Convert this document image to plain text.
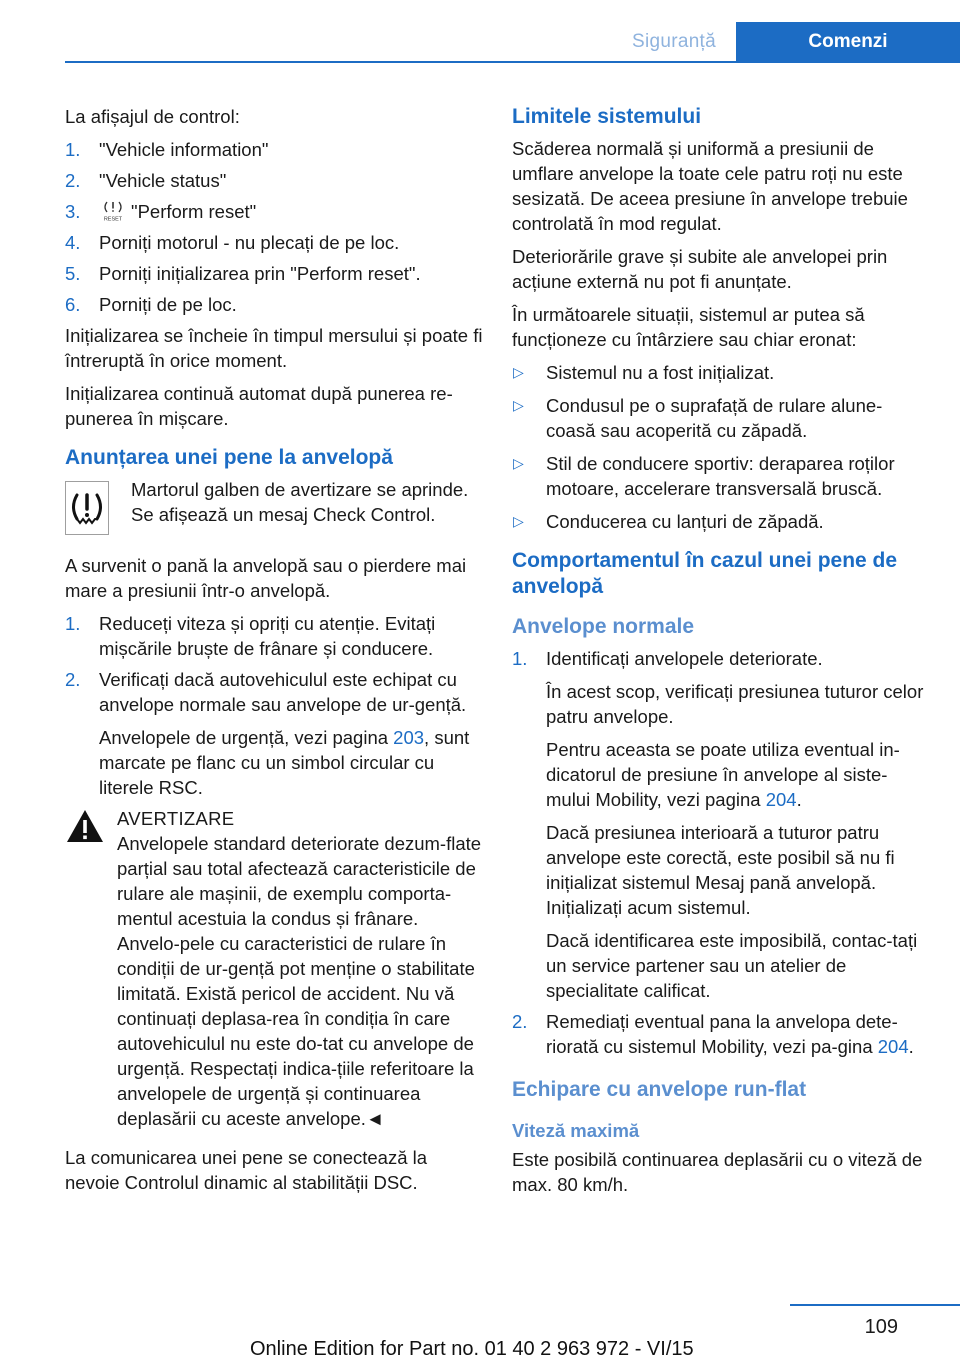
Siguranță	Comenzi

La afișajul de control:

1. "Vehicle information"
2. "Vehicle status"
3.	RESET "Perform reset"
4. Porniți motorul - nu plecați de pe loc.
5. Porniți inițializarea prin "Perform reset".
6. Porniți de pe loc.

Inițializarea se încheie în timpul mersului și poate fi întreruptă în orice moment.

Inițializarea continuă automat după punerea re-punerea în mișcare.

Anunțarea unei pene la anvelopă
Martorul galben de avertizare se aprinde. Se afișează un mesaj Check Control.

A survenit o pană la anvelopă sau o pierdere mai mare a presiunii într-o anvelopă.

1. Reduceți viteza și opriți cu atenție. Evitați mișcările bruște de frânare și conducere.
2. Verificați dacă autovehiculul este echipat cu anvelope normale sau anvelope de ur-gență.
Anvelopele de urgență, vezi pagina 203, sunt marcate pe flanc cu un simbol circular cu literele RSC.
AVERTIZARE
Anvelopele standard deteriorate dezum-flate parțial sau total afectează caracteristicile de rulare ale mașinii, de exemplu comporta-mentul acestuia la condus și frânare. Anvelo-pele cu caracteristici de rulare în condiții de ur-gență pot menține o stabilitate limitată. Există pericol de accident. Nu vă continuați deplasa-rea în condiția în care autovehiculul nu este do-tat cu anvelope de urgență. Respectați indica-țiile referitoare la anvelopele de urgență și continuarea deplasării cu aceste anvelope.◄

La comunicarea unei pene se conectează la nevoie Controlul dinamic al stabilității DSC.

Limitele sistemului

Scăderea normală și uniformă a presiunii de umflare anvelope la toate cele patru roți nu este sesizată. De aceea presiune în anvelope trebuie controlată în mod regulat.

Deteriorările grave și subite ale anvelopei prin acțiune externă nu pot fi anunțate.

În următoarele situații, sistemul ar putea să funcționeze cu întârziere sau chiar eronat:

▷ Sistemul nu a fost inițializat.
▷ Condusul pe o suprafață de rulare alune-coasă sau acoperită cu zăpadă.
▷ Stil de conducere sportiv: deraparea roților motoare, accelerare transversală bruscă.
▷ Conducerea cu lanțuri de zăpadă.
Comportamentul în cazul unei pene de anvelopă
Anvelope normale
1. Identificați anvelopele deteriorate.
În acest scop, verificați presiunea tuturor celor patru anvelope.
Pentru aceasta se poate utiliza eventual in-dicatorul de presiune în anvelope al siste-mului Mobility, vezi pagina 204.
Dacă presiunea interioară a tuturor patru anvelope este corectă, este posibil să nu fi inițializat sistemul Mesaj pană anvelopă. Inițializați acum sistemul.
Dacă identificarea este imposibilă, contac-tați un service partener sau un atelier de specialitate calificat.
2. Remediați eventual pana la anvelopa dete-riorată cu sistemul Mobility, vezi pa-gina 204.
Echipare cu anvelope run-flat
Viteză maximă

Este posibilă continuarea deplasării cu o viteză de max. 80 km/h.

109
Online Edition for Part no. 01 40 2 963 972 - VI/15
